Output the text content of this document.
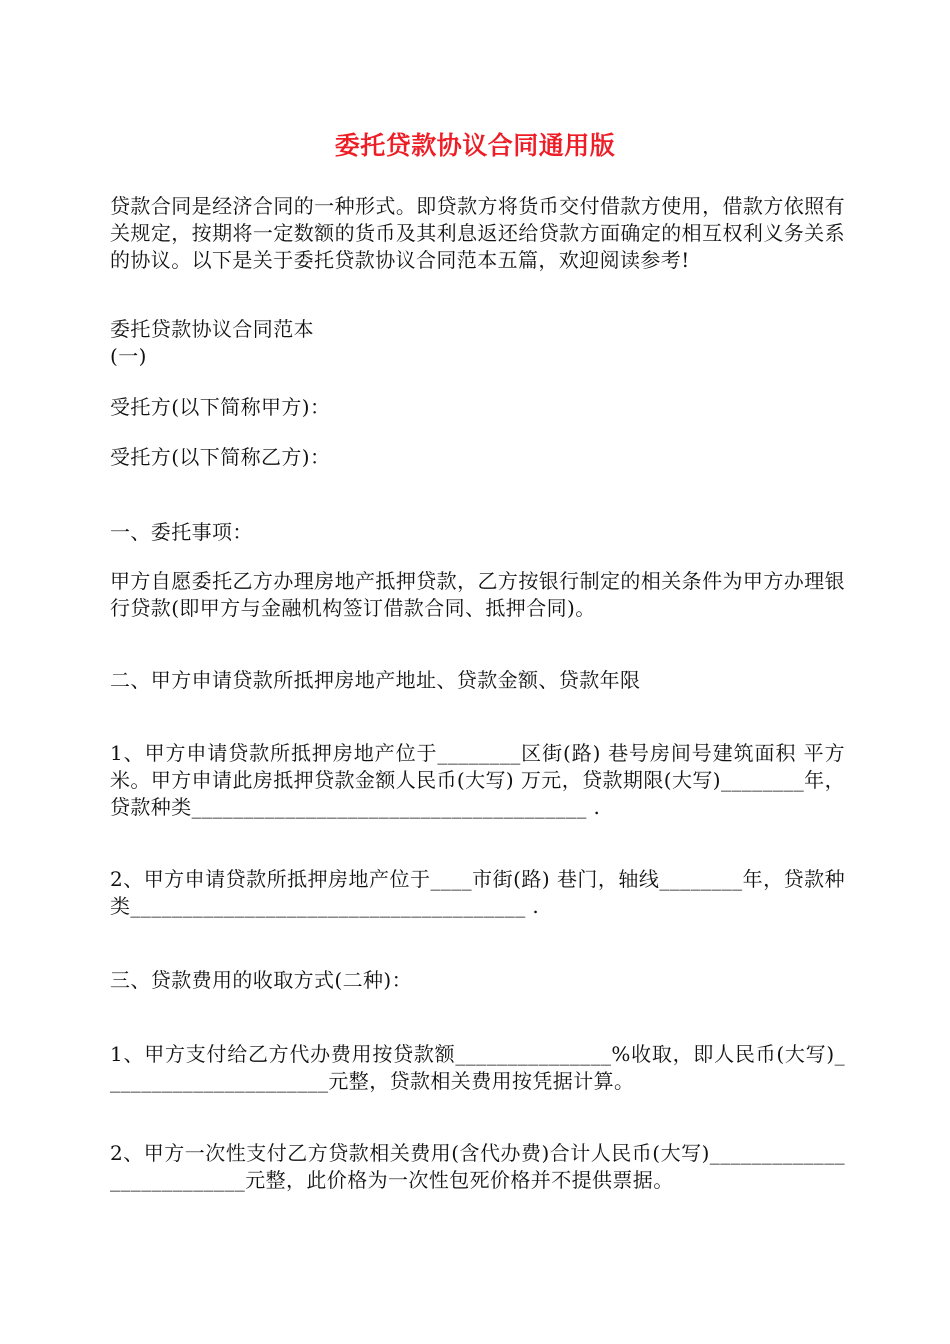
委托贷款协议合同通用版
贷款合同是经济合同的一种形式。即贷款方将货币交付借款方使用，借款方依照有关规定，按期将一定数额的货币及其利息返还给贷款方面确定的相互权利义务关系的协议。以下是关于委托贷款协议合同范本五篇，欢迎阅读参考!
委托贷款协议合同范本
(一)
受托方(以下简称甲方)：
受托方(以下简称乙方)：
一、委托事项：
甲方自愿委托乙方办理房地产抵押贷款，乙方按银行制定的相关条件为甲方办理银行贷款(即甲方与金融机构签订借款合同、抵押合同)。
二、甲方申请贷款所抵押房地产地址、贷款金额、贷款年限
1、甲方申请贷款所抵押房地产位于________区街(路) 巷号房间号建筑面积 平方米。甲方申请此房抵押贷款金额人民币(大写) 万元，贷款期限(大写)________年，贷款种类______________________________________ .
2、甲方申请贷款所抵押房地产位于____市街(路) 巷门，轴线________年，贷款种类______________________________________ .
三、贷款费用的收取方式(二种)：
1、甲方支付给乙方代办费用按贷款额_______________%收取，即人民币(大写)______________________元整，贷款相关费用按凭据计算。
2、甲方一次性支付乙方贷款相关费用(含代办费)合计人民币(大写)__________________________元整，此价格为一次性包死价格并不提供票据。
